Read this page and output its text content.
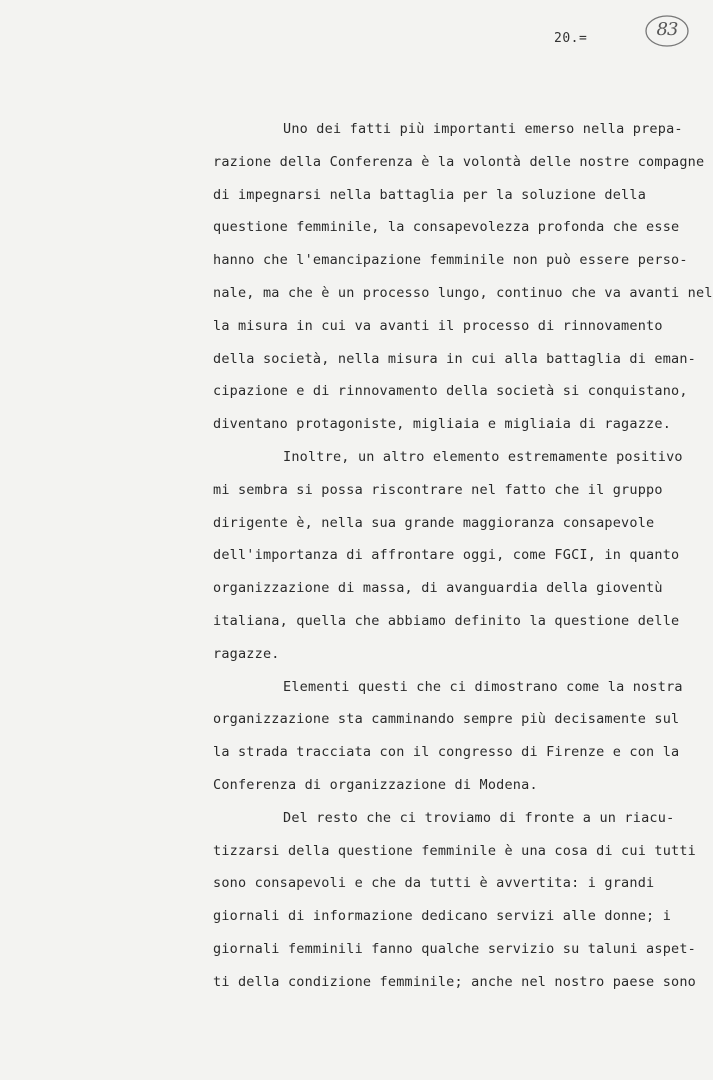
20.=	83
Uno dei fatti più importanti emerso nella prepa-
razione della Conferenza è la volontà delle nostre compagne
di impegnarsi nella battaglia per la soluzione della
questione femminile, la consapevolezza profonda che esse
hanno che l'emancipazione femminile non può essere perso-
nale, ma che è un processo lungo, continuo che va avanti nel
la misura in cui va avanti il processo di rinnovamento
della società, nella misura in cui alla battaglia di eman-
cipazione e di rinnovamento della società si conquistano,
diventano protagoniste, migliaia e migliaia di ragazze.
Inoltre, un altro elemento estremamente positivo
mi sembra si possa riscontrare nel fatto che il gruppo
dirigente è, nella sua grande maggioranza consapevole
dell'importanza di affrontare oggi, come FGCI, in quanto
organizzazione di massa, di avanguardia della gioventù
italiana, quella che abbiamo definito la questione delle
ragazze.
Elementi questi che ci dimostrano come la nostra
organizzazione sta camminando sempre più decisamente sul
la strada tracciata con il congresso di Firenze e con la
Conferenza di organizzazione di Modena.
Del resto che ci troviamo di fronte a un riacu-
tizzarsi della questione femminile è una cosa di cui tutti
sono consapevoli e che da tutti è avvertita: i grandi
giornali di informazione dedicano servizi alle donne; i
giornali femminili fanno qualche servizio su taluni aspet-
ti della condizione femminile; anche nel nostro paese sono
